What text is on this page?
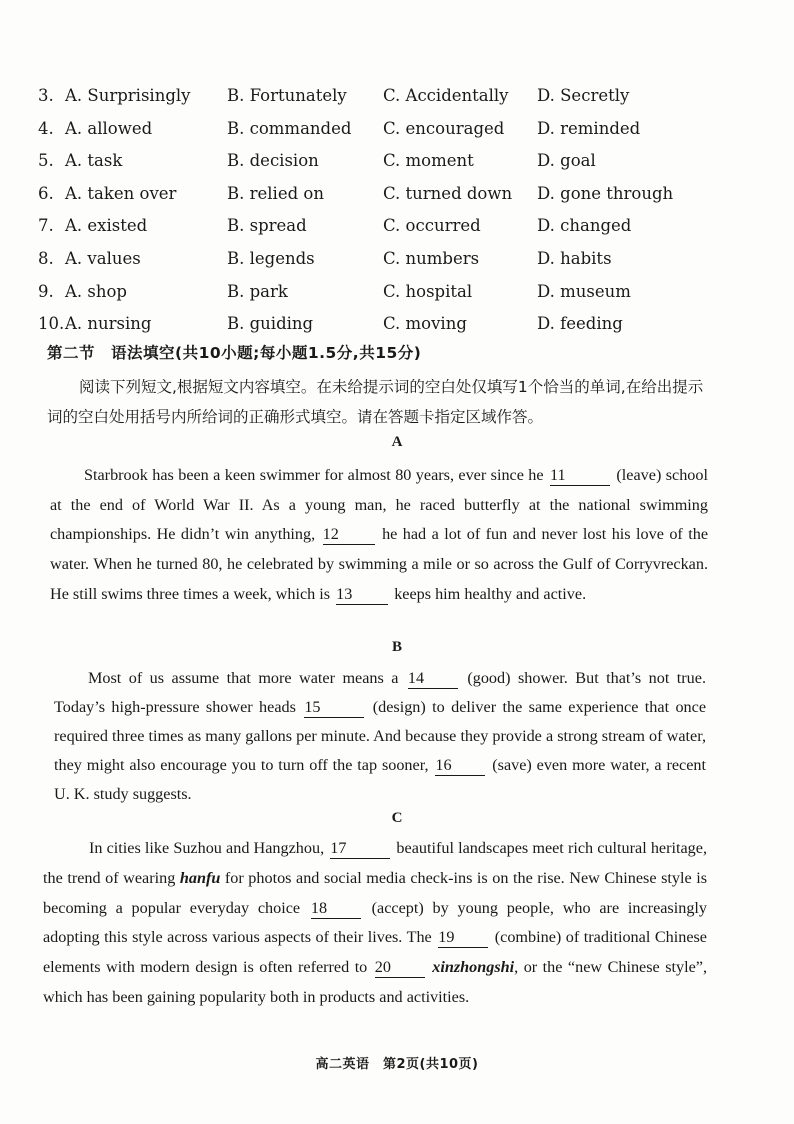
3. A. Surprisingly B. Fortunately C. Accidentally D. Secretly
4. A. allowed	B. commanded C. encouraged D. reminded
5. A. task	B. decision	C. moment	D. goal
6. A. taken over	B. relied on	C. turned down D. gone through
7. A. existed	B. spread	C. occurred	D. changed
8. A. values	B. legends	C. numbers	D. habits
9. A. shop	B. park	C. hospital	D. museum
10. A. nursing	B. guiding	C. moving	D. feeding
第二节　语法填空(共10小题;每小题1.5分,共15分)
阅读下列短文,根据短文内容填空。在未给提示词的空白处仅填写1个恰当的单词,在给出提示词的空白处用括号内所给词的正确形式填空。请在答题卡指定区域作答。
A
Starbrook has been a keen swimmer for almost 80 years, ever since he 11	(leave) school at the end of World War II. As a young man, he raced butterfly at the national swimming championships. He didn’t win anything, 12	he had a lot of fun and never lost his love of the water. When he turned 80, he celebrated by swimming a mile or so across the Gulf of Corryvreckan. He still swims three times a week, which is 13	keeps him healthy and active.
B
Most of us assume that more water means a 14	(good) shower. But that’s not true. Today’s high-pressure shower heads 15	(design) to deliver the same experience that once required three times as many gallons per minute. And because they provide a strong stream of water, they might also encourage you to turn off the tap sooner, 16	(save) even more water, a recent U. K. study suggests.
C
In cities like Suzhou and Hangzhou, 17	beautiful landscapes meet rich cultural heritage, the trend of wearing hanfu for photos and social media check-ins is on the rise. New Chinese style is becoming a popular everyday choice 18	(accept) by young people, who are increasingly adopting this style across various aspects of their lives. The 19 (combine) of traditional Chinese elements with modern design is often referred to 20	xinzhongshi, or the “new Chinese style”, which has been gaining popularity both in products and activities.
高二英语　第2页(共10页)
